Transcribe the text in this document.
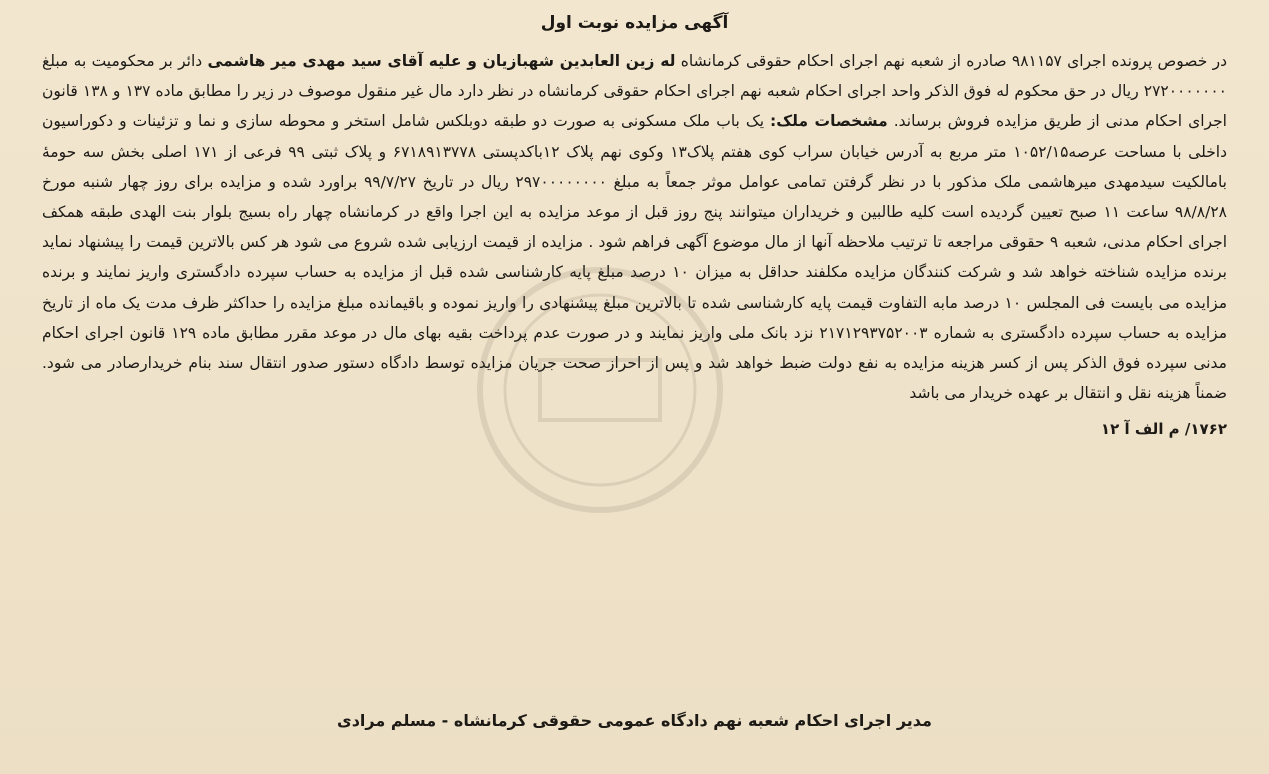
آگهی مزایده نوبت اول

در خصوص پرونده اجرای ۹۸۱۱۵۷ صادره از شعبه نهم اجرای احکام حقوقی کرمانشاه له زین العابدین شهبازیان و علیه آقای سید مهدی میر هاشمی دائر بر محکومیت به مبلغ ۲۷۲۰۰۰۰۰۰۰ ریال در حق محکوم له فوق الذکر واحد اجرای احکام شعبه نهم اجرای احکام حقوقی کرمانشاه در نظر دارد مال غیر منقول موصوف در زیر را مطابق ماده ۱۳۷ و ۱۳۸ قانون اجرای احکام مدنی از طریق مزایده فروش برساند. مشخصات ملک: یک باب ملک مسکونی به صورت دو طبقه دوبلکس شامل استخر و محوطه سازی و نما و تزئینات و دکوراسیون داخلی با مساحت عرصه۱۰۵۲/۱۵ متر مربع به آدرس خیابان سراب کوی هفتم پلاک۱۳ وکوی نهم پلاک ۱۲باکدپستی ۶۷۱۸۹۱۳۷۷۸ و پلاک ثبتی ۹۹ فرعی از ۱۷۱ اصلی بخش سه حومهٔ بامالکیت سیدمهدی میرهاشمی ملک مذکور با در نظر گرفتن تمامی عوامل موثر جمعاً به مبلغ ۲۹۷۰۰۰۰۰۰۰۰ ریال در تاریخ ۹۹/۷/۲۷ براورد شده و مزایده برای روز چهار شنبه مورخ ۹۸/۸/۲۸ ساعت ۱۱ صبح تعیین گردیده است کلیه طالبین و خریداران میتوانند پنج روز قبل از موعد مزایده به این اجرا واقع در کرمانشاه چهار راه بسیج بلوار بنت الهدی طبقه همکف اجرای احکام مدنی، شعبه ۹ حقوقی مراجعه تا ترتیب ملاحظه آنها از مال موضوع آگهی فراهم شود . مزایده از قیمت ارزیابی شده شروع می شود هر کس بالاترین قیمت را پیشنهاد نماید برنده مزایده شناخته خواهد شد و شرکت کنندگان مزایده مکلفند حداقل به میزان ۱۰ درصد مبلغ پایه کارشناسی شده قبل از مزایده به حساب سپرده دادگستری واریز نمایند و برنده مزایده می بایست فی المجلس ۱۰ درصد مابه التفاوت قیمت پایه کارشناسی شده تا بالاترین مبلغ پیشنهادی را واریز نموده و باقیمانده مبلغ مزایده را حداکثر ظرف مدت یک ماه از تاریخ مزایده به حساب سپرده دادگستری به شماره ۲۱۷۱۲۹۳۷۵۲۰۰۳ نزد بانک ملی واریز نمایند و در صورت عدم پرداخت بقیه بهای مال در موعد مقرر مطابق ماده ۱۲۹ قانون اجرای احکام مدنی سپرده فوق الذکر پس از کسر هزینه مزایده به نفع دولت ضبط خواهد شد و پس از احراز صحت جریان مزایده توسط دادگاه دستور صدور انتقال سند بنام خریدارصادر می شود. ضمناً هزینه نقل و انتقال بر عهده خریدار می باشد

۱۷۶۲/ م الف آ ۱۲
مدیر اجرای احکام شعبه نهم دادگاه عمومی حقوقی کرمانشاه - مسلم مرادی
